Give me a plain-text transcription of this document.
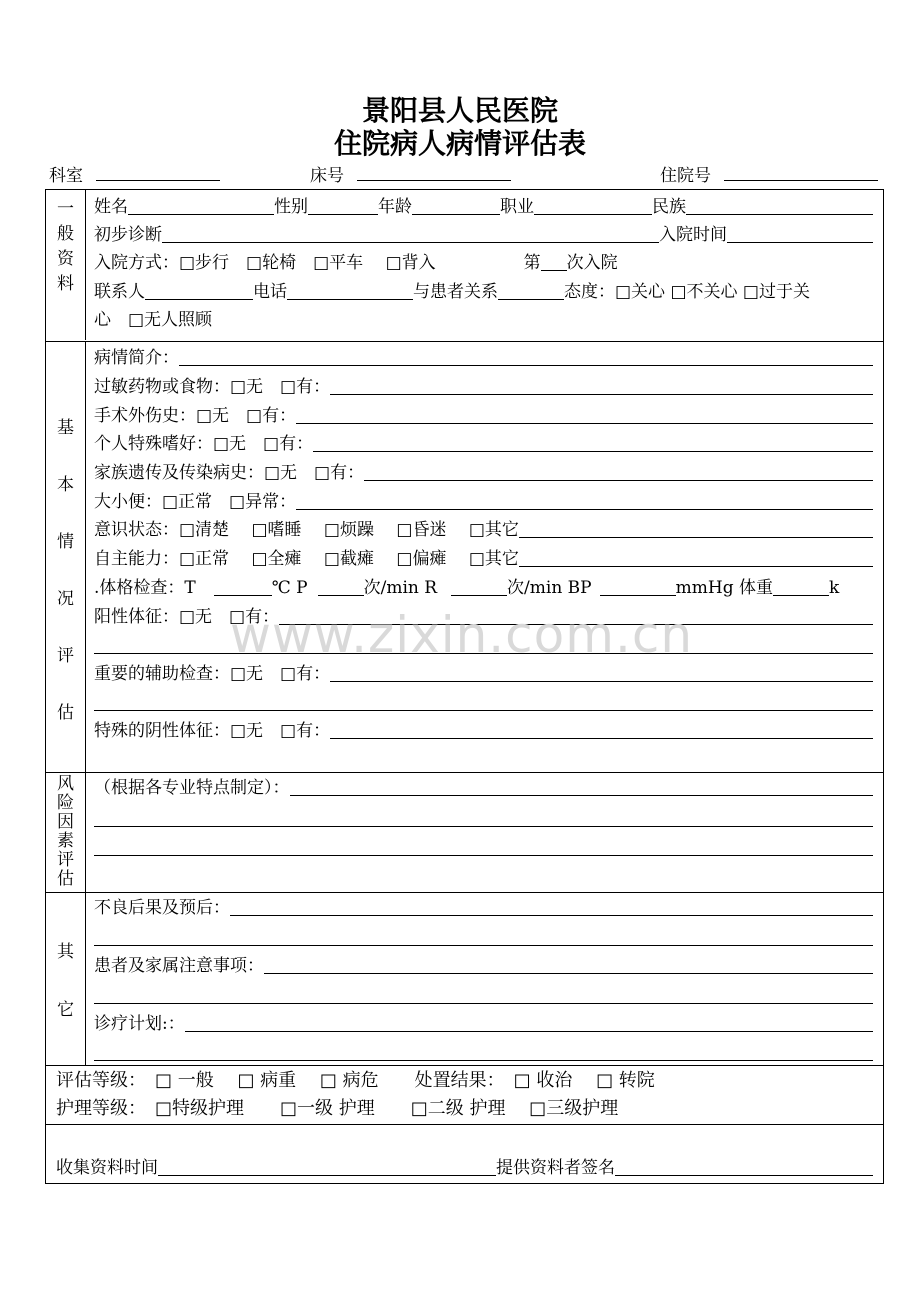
景阳县人民医院
住院病人病情评估表
科室	床号	住院号
一
般
资
料
姓名	性别	年龄	职业	民族
初步诊断	入院时间
入院方式：□步行　□轮椅　□平车　 □背入	第 次入院
联系人	电话	与患者关系	态度：□关心 □不关心 □过于关
心　□无人照顾
基
本
情
况
评
估
病情简介：
过敏药物或食物：□无　□有：
手术外伤史：□无　□有：
个人特殊嗜好：□无　□有：
家族遗传及传染病史：□无　□有：
大小便：□正常　□异常：
意识状态：□清楚　 □嗜睡　 □烦躁　 □昏迷　 □其它
自主能力：□正常　 □全瘫　 □截瘫　 □偏瘫　 □其它
.体格检查：T	℃ P	次/min R	次/min BP	mmHg 体重	k
阳性体征：□无　□有：
重要的辅助检查：□无　□有：
特殊的阴性体征：□无　□有：
风
险
因
素
评
估
（根据各专业特点制定）：
其
它
不良后果及预后：
患者及家属注意事项：
诊疗计划:：
评估等级：　□ 一般　 □ 病重　 □ 病危　　处置结果：　□ 收治　 □ 转院
护理等级：　□特级护理　　□一级 护理　　□二级 护理　 □三级护理
收集资料时间	提供资料者签名
www.zixin.com.cn
